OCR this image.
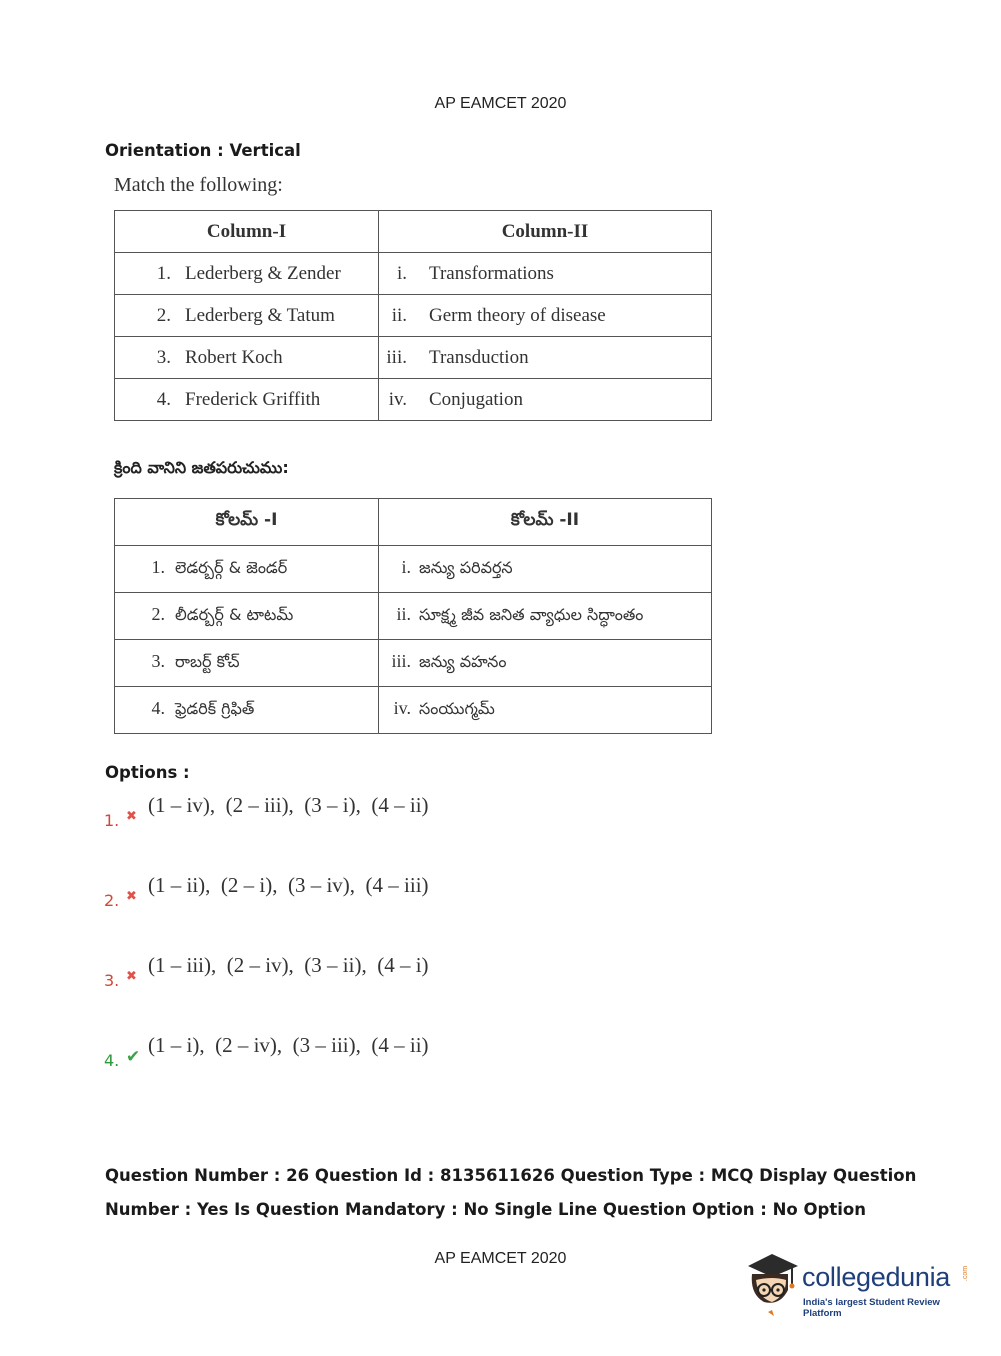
AP EAMCET 2020
Orientation : Vertical
Match the following:
Column-I	Column-II
1. Lederberg & Zender	i. Transformations
2. Lederberg & Tatum	ii. Germ theory of disease
3. Robert Koch	iii. Transduction
4. Frederick Griffith	iv. Conjugation
క్రింది వానిని జతపరుచుము:
కోలమ్ -I	కోలమ్ -II
1. లెడర్బర్గ్ & జెండర్	i. జన్యు పరివర్తన
2. లీడర్బర్గ్ & టాటమ్	ii. సూక్ష్మ జీవ జనిత వ్యాధుల సిద్ధాంతం
3. రాబర్ట్ కోచ్	iii. జన్యు వహనం
4. ఫ్రెడరిక్ గ్రిఫిత్	iv. సంయుగ్మమ్
Options :
1. ✖ (1 – iv),  (2 – iii),  (3 – i),  (4 – ii)
2. ✖ (1 – ii),  (2 – i),  (3 – iv),  (4 – iii)
3. ✖ (1 – iii),  (2 – iv),  (3 – ii),  (4 – i)
4. ✔ (1 – i),  (2 – iv),  (3 – iii),  (4 – ii)
Question Number : 26 Question Id : 8135611626 Question Type : MCQ Display Question
Number : Yes Is Question Mandatory : No Single Line Question Option : No Option
AP EAMCET 2020
collegedunia .com
India's largest Student Review Platform
